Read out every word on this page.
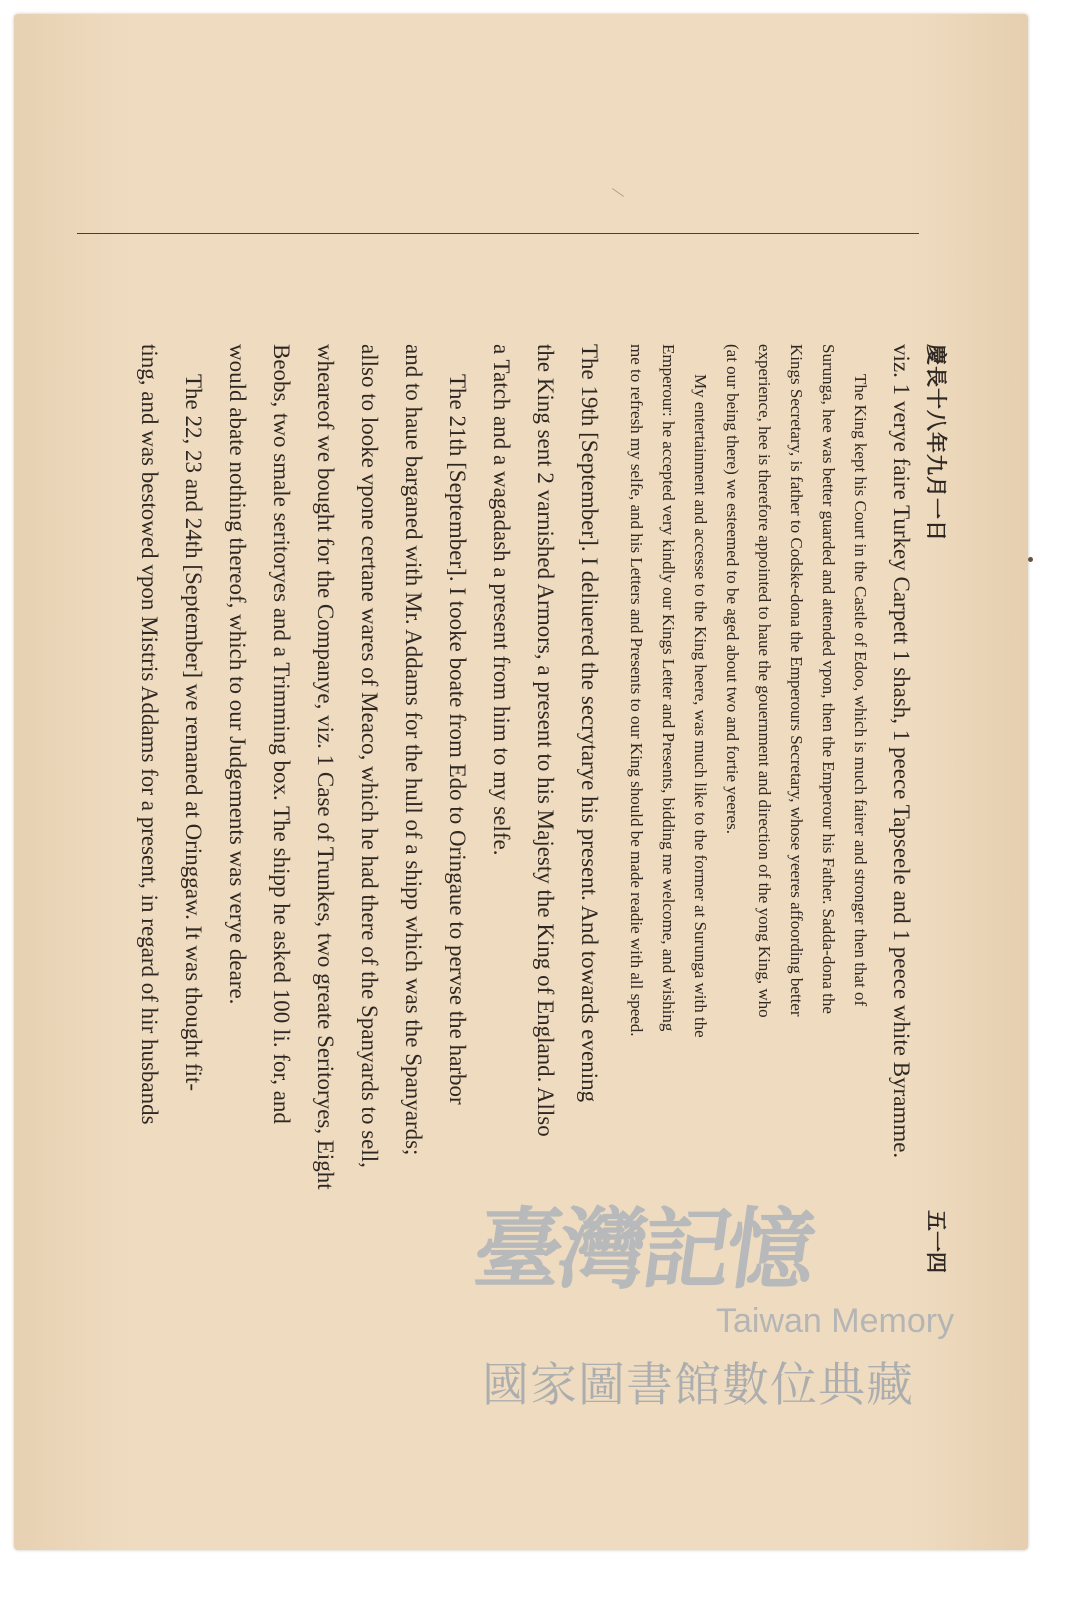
慶長十八年九月一日
五一四
viz. 1 verye faire Turkey Carpett 1 shash, 1 peece Tapseele and 1 peece white Byramme.
The King kept his Court in the Castle of Edoo, which is much fairer and stronger then that of
Surunga, hee was better guarded and attended vpon, then the Emperour his Father. Sadda-dona the
Kings Secretary, is father to Codske-dona the Emperours Secretary, whose yeeres affoording better
experience, hee is therefore appointed to haue the gouernment and direction of the yong King, who
(at our being there) we esteemed to be aged about two and fortie yeeres.
My entertainment and accesse to the King heere, was much like to the former at Surunga with the
Emperour: he accepted very kindly our Kings Letter and Presents, bidding me welcome, and wishing
me to refresh my selfe, and his Letters and Presents to our King should be made readie with all speed.
The 19th [September]. I deliuered the secrytarye his present. And towards evening
the King sent 2 varnished Armors, a present to his Majesty the King of England. Allso
a Tatch and a wagadash a present from him to my selfe.
The 21th [September]. I tooke boate from Edo to Oringaue to pervse the harbor
and to haue barganed with Mr. Addams for the hull of a shipp which was the Spanyards;
allso to looke vpone certane wares of Meaco, which he had there of the Spanyards to sell,
whearеof we bought for the Companye, viz. 1 Case of Trunkes, two greate Seritoryes, Eight
Beobs, two smale seritoryes and a Trimming box. The shipp he asked 100 li. for, and
would abate nothing thereof, which to our Judgements was verye deare.
The 22, 23 and 24th [September] we remaned at Oringgaw. It was thought fit-
ting, and was bestowed vpon Mistris Addams for a present, in regard of hir husbands
臺灣記憶
Taiwan Memory
國家圖書館數位典藏
